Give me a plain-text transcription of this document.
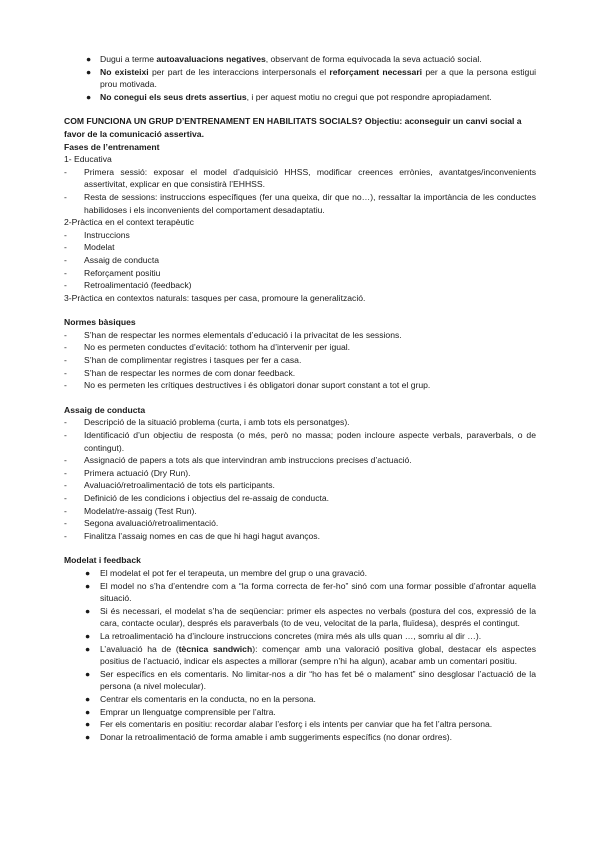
● Dugui a terme autoavaluacions negatives, observant de forma equivocada la seva actuació social.
● No existeixi per part de les interaccions interpersonals el reforçament necessari per a que la persona estigui prou motivada.
● No conegui els seus drets assertius, i per aquest motiu no cregui que pot respondre apropiadament.

COM FUNCIONA UN GRUP D’ENTRENAMENT EN HABILITATS SOCIALS? Objectiu: aconseguir un canvi social a favor de la comunicació assertiva.

Fases de l’entrenament

1- Educativa

- Primera sessió: exposar el model d’adquisició HHSS, modificar creences errònies, avantatges/inconvenients assertivitat, explicar en que consistirà l’EHHSS.
- Resta de sessions: instruccions específiques (fer una queixa, dir que no…), ressaltar la importància de les conductes habilidoses i els inconvenients del comportament desadaptatiu.

2-Pràctica en el context terapèutic

- Instruccions
- Modelat
- Assaig de conducta
- Reforçament positiu
- Retroalimentació (feedback)

3-Pràctica en contextos naturals: tasques per casa, promoure la generalització.

Normes bàsiques

- S’han de respectar les normes elementals d’educació i la privacitat de les sessions.
- No es permeten conductes d’evitació: tothom ha d’intervenir per igual.
- S’han de complimentar registres i tasques per fer a casa.
- S’han de respectar les normes de com donar feedback.
- No es permeten les crítiques destructives i és obligatori donar suport constant a tot el grup.

Assaig de conducta

- Descripció de la situació problema (curta, i amb tots els personatges).
- Identificació d’un objectiu de resposta (o més, però no massa; poden incloure aspecte verbals, paraverbals, o de contingut).
- Assignació de papers a tots als que intervindran amb instruccions precises d’actuació.
- Primera actuació (Dry Run).
- Avaluació/retroalimentació de tots els participants.
- Definició de les condicions i objectius del re-assaig de conducta.
- Modelat/re-assaig (Test Run).
- Segona avaluació/retroalimentació.
- Finalitza l’assaig nomes en cas de que hi hagi hagut avanços.

Modelat i feedback

● El modelat el pot fer el terapeuta, un membre del grup o una gravació.
● El model no s’ha d’entendre com a “la forma correcta de fer-ho” sinó com una formar possible d’afrontar aquella situació.
● Si és necessari, el modelat s’ha de seqüenciar: primer els aspectes no verbals (postura del cos, expressió de la cara, contacte ocular), després els paraverbals (to de veu, velocitat de la parla, fluïdesa), després el contingut.
● La retroalimentació ha d’incloure instruccions concretes (mira més als ulls quan …, somriu al dir …).
● L’avaluació ha de (tècnica sandwich): començar amb una valoració positiva global, destacar els aspectes positius de l’actuació, indicar els aspectes a millorar (sempre n’hi ha algun), acabar amb un comentari positiu.
● Ser específics en els comentaris. No limitar-nos a dir “ho has fet bé o malament” sino desglosar l’actuació de la persona (a nivel molecular).
● Centrar els comentaris en la conducta, no en la persona.
● Emprar un llenguatge comprensible per l’altra.
● Fer els comentaris en positiu: recordar alabar l’esforç i els intents per canviar que ha fet l’altra persona.
● Donar la retroalimentació de forma amable i amb suggeriments específics (no donar ordres).
